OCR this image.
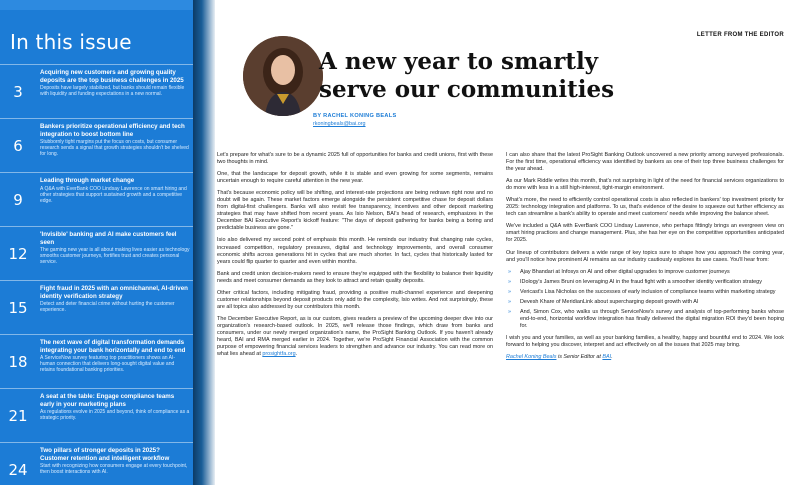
In this issue
3
Acquiring new customers and growing quality deposits are the top business challenges in 2025
Deposits have largely stabilized, but banks should remain flexible with liquidity and funding expectations in a new normal.
6
Bankers prioritize operational efficiency and tech integration to boost bottom line
Stubbornly tight margins put the focus on costs, but consumer research sends a signal that growth strategies shouldn't be shelved for long.
9
Leading through market change
A Q&A with EverBank COO Lindsay Lawrence on smart hiring and other strategies that support sustained growth and a competitive edge.
12
'Invisible' banking and AI make customers feel seen
The gaming new year is all about making lives easier as technology smooths customer journeys, fortifies trust and creates personal service.
15
Fight fraud in 2025 with an omnichannel, AI-driven identity verification strategy
Detect and deter financial crime without hurting the customer experience.
18
The next wave of digital transformation demands integrating your bank horizontally and end to end
A ServiceNow survey featuring top practitioners shows an AI-human connection that delivers long-sought digital value and retains foundational banking priorities.
21
A seat at the table: Engage compliance teams early in your marketing plans
As regulations evolve in 2025 and beyond, think of compliance as a strategic priority.
24
Two pillars of stronger deposits in 2025? Customer retention and intelligent workflow
Start with recognizing how consumers engage at every touchpoint, then boost interactions with AI.
LETTER FROM THE EDITOR
A new year to smartly serve our communities
BY RACHEL KONING BEALS
rkoningbeals@bai.org

Let's prepare for what's sure to be a dynamic 2025 full of opportunities for banks and credit unions, first with these two thoughts in mind.

One, that the landscape for deposit growth, while it is stable and even growing for some segments, remains uncertain enough to require careful attention in the new year.

That's because economic policy will be shifting, and interest-rate projections are being redrawn right now and no doubt will be again. These market factors emerge alongside the persistent competitive chase for deposit dollars from digital-first challengers. Banks will also revisit fee transparency, incentives and other deposit marketing strategies that may have shifted from recent years. As Isio Nelson, BAI's head of research, emphasizes in the December BAI Executive Report's kickoff feature: "The days of deposit gathering for banks being a boring and predictable business are gone."

Isio also delivered my second point of emphasis this month. He reminds our industry that changing rate cycles, increased competition, regulatory pressures, digital and technology improvements, and overall consumer economic shifts across generations hit in cycles that are much shorter. In fact, cycles that historically lasted for years could flip quarter to quarter and even within months.

Bank and credit union decision-makers need to ensure they're equipped with the flexibility to balance their liquidity needs and meet consumer demands as they look to attract and retain quality deposits.

Other critical factors, including mitigating fraud, providing a positive multi-channel experience and deepening customer relationships beyond deposit products only add to the complexity, Isio writes. And not surprisingly, these are all topics also addressed by our contributors this month.

The December Executive Report, as is our custom, gives readers a preview of the upcoming deeper dive into our organization's research-based outlook. In 2025, we'll release those findings, which draw from banks and consumers, under our newly merged organization's name, the ProSight Banking Outlook. If you haven't already heard, BAI and RMA merged earlier in 2024. Together, we're ProSight Financial Association with the common purpose of empowering financial services leaders to strengthen and advance our industry. You can read more on what lies ahead at prosightfa.org.

I can also share that the latest ProSight Banking Outlook uncovered a new priority among surveyed professionals. For the first time, operational efficiency was identified by bankers as one of their top three business challenges for the year ahead.

As our Mark Riddle writes this month, that's not surprising in light of the need for financial services organizations to do more with less in a still high-interest, tight-margin environment.

What's more, the need to efficiently control operational costs is also reflected in bankers' top investment priority for 2025: technology integration and platforms. To us, that's evidence of the desire to squeeze out further efficiency as tech can streamline a bank's ability to operate and meet customers' needs while improving the balance sheet.

We've included a Q&A with EverBank COO Lindsay Lawrence, who perhaps fittingly brings an evergreen view on smart hiring practices and change management. Plus, she has her eye on the competitive opportunities anticipated for 2025.

Our lineup of contributors delivers a wide range of key topics sure to shape how you approach the coming year, and you'll notice how prominent AI remains as our industry cautiously explores its use cases. You'll hear from:

» Ajay Bhandari at Infosys on AI and other digital upgrades to improve customer journeys
» IDology's James Bruni on leveraging AI in the fraud fight with a smoother identity verification strategy
» Vericast's Lisa Nicholas on the successes of early inclusion of compliance teams within marketing strategy
» Devesh Khare of MeridianLink about supercharging deposit growth with AI
» And, Simon Cox, who walks us through ServiceNow's survey and analysis of top-performing banks whose end-to-end, horizontal workflow integration has finally delivered the digital migration ROI they'd been hoping for.

I wish you and your families, as well as your banking families, a healthy, happy and bountiful end to 2024. We look forward to helping you discover, interpret and act effectively on all the issues that 2025 may bring.

Rachel Koning Beals is Senior Editor at BAI.
